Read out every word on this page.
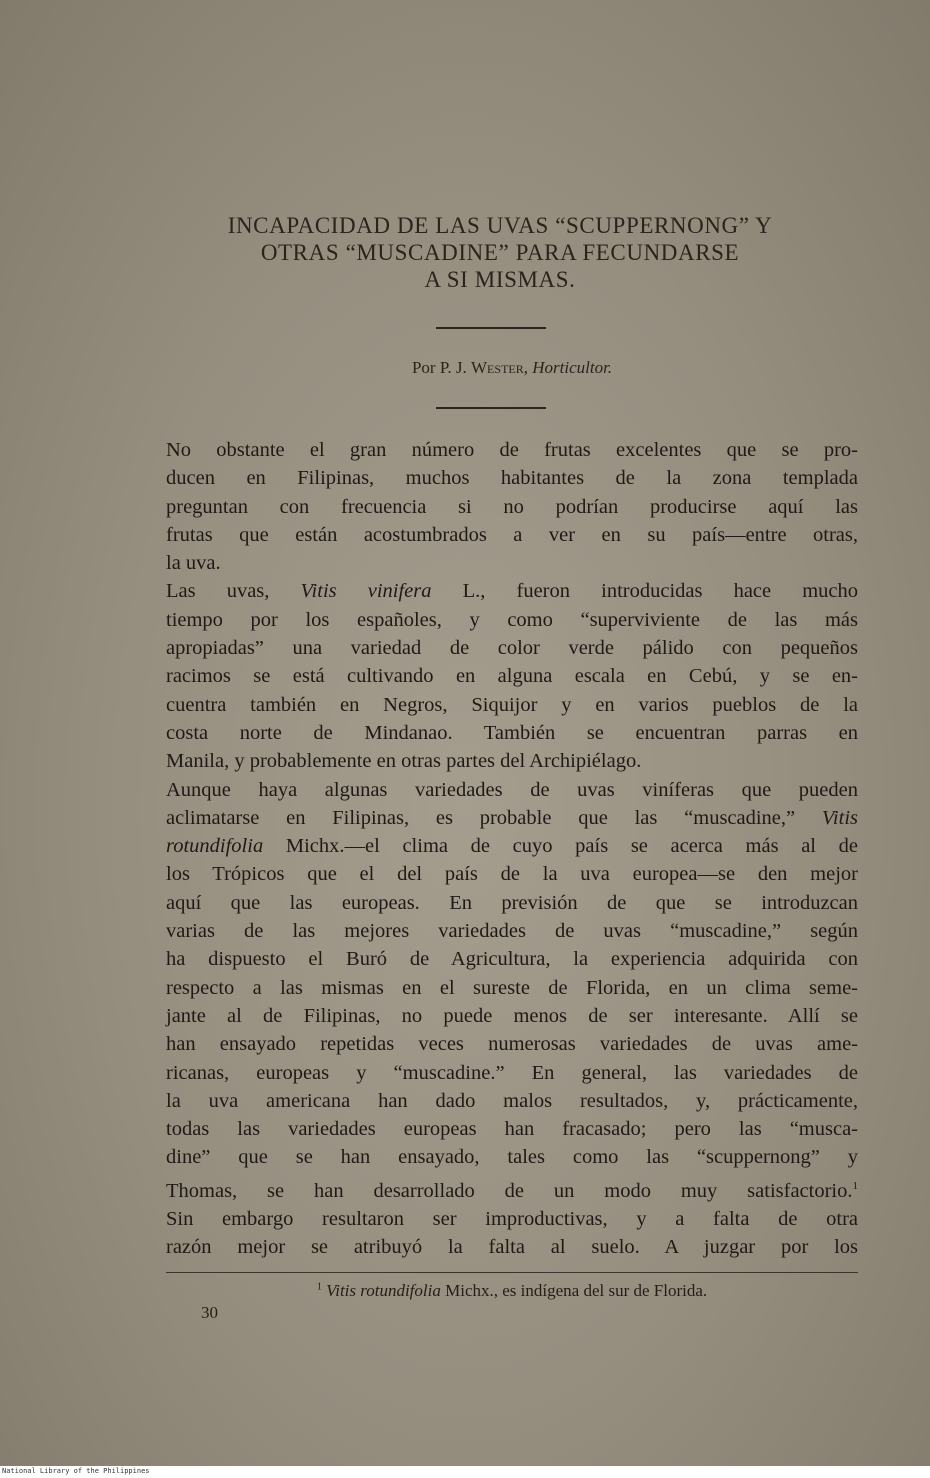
INCAPACIDAD DE LAS UVAS “SCUPPERNONG” Y
OTRAS “MUSCADINE” PARA FECUNDARSE
A SI MISMAS.
Por P. J. Wester, Horticultor.
No obstante el gran número de frutas excelentes que se pro-
ducen en Filipinas, muchos habitantes de la zona templada
preguntan con frecuencia si no podrían producirse aquí las
frutas que están acostumbrados a ver en su país—entre otras,
la uva.
Las uvas, Vitis vinifera L., fueron introducidas hace mucho
tiempo por los españoles, y como “superviviente de las más
apropiadas” una variedad de color verde pálido con pequeños
racimos se está cultivando en alguna escala en Cebú, y se en-
cuentra también en Negros, Siquijor y en varios pueblos de la
costa norte de Mindanao. También se encuentran parras en
Manila, y probablemente en otras partes del Archipiélago.
Aunque haya algunas variedades de uvas viníferas que pueden
aclimatarse en Filipinas, es probable que las “muscadine,” Vitis
rotundifolia Michx.—el clima de cuyo país se acerca más al de
los Trópicos que el del país de la uva europea—se den mejor
aquí que las europeas. En previsión de que se introduzcan
varias de las mejores variedades de uvas “muscadine,” según
ha dispuesto el Buró de Agricultura, la experiencia adquirida con
respecto a las mismas en el sureste de Florida, en un clima seme-
jante al de Filipinas, no puede menos de ser interesante. Allí se
han ensayado repetidas veces numerosas variedades de uvas ame-
ricanas, europeas y “muscadine.” En general, las variedades de
la uva americana han dado malos resultados, y, prácticamente,
todas las variedades europeas han fracasado; pero las “musca-
dine” que se han ensayado, tales como las “scuppernong” y
Thomas, se han desarrollado de un modo muy satisfactorio.$^1$
Sin embargo resultaron ser improductivas, y a falta de otra
razón mejor se atribuyó la falta al suelo. A juzgar por los
$^1$ Vitis rotundifolia Michx., es indígena del sur de Florida.
30
National Library of the Philippines
